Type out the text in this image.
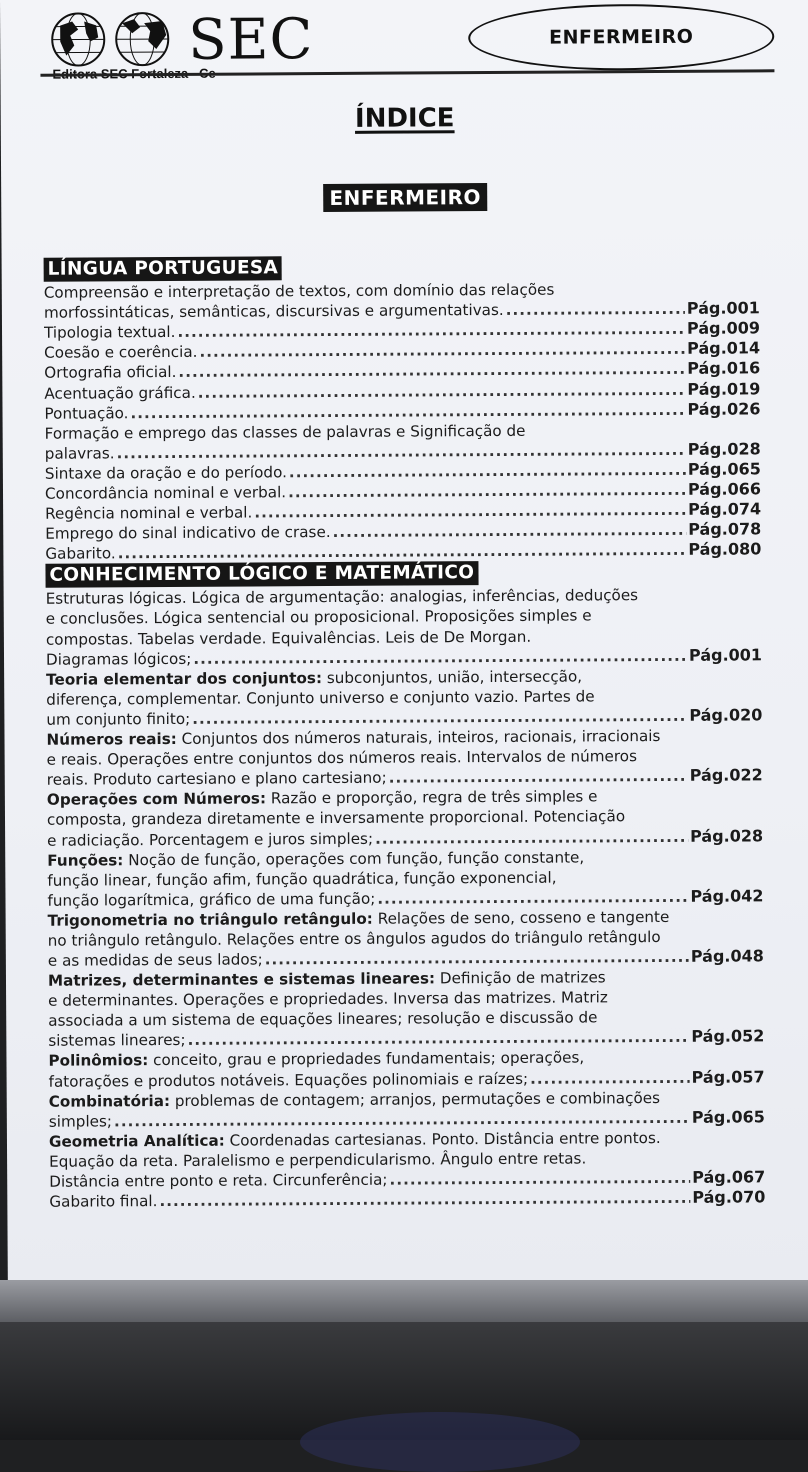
SEC	ENFERMEIRO
ÍNDICE
ENFERMEIRO
LÍNGUA PORTUGUESA
Compreensão e interpretação de textos, com domínio das relações
morfossintáticas, semânticas, discursivas e argumentativas. .....	Pág.001
Tipologia textual. .....	Pág.009
Coesão e coerência. .....	Pág.014
Ortografia oficial. .....	Pág.016
Acentuação gráfica. .....	Pág.019
Pontuação. .....	Pág.026
Formação e emprego das classes de palavras e Significação de
palavras. .....	Pág.028
Sintaxe da oração e do período. .....	Pág.065
Concordância nominal e verbal. .....	Pág.066
Regência nominal e verbal. .....	Pág.074
Emprego do sinal indicativo de crase. .....	Pág.078
Gabarito. .....	Pág.080
CONHECIMENTO LÓGICO E MATEMÁTICO
Estruturas lógicas. Lógica de argumentação: analogias, inferências, deduções
e conclusões. Lógica sentencial ou proposicional. Proposições simples e
compostas. Tabelas verdade. Equivalências. Leis de De Morgan.
Diagramas lógicos; .....	Pág.001
Teoria elementar dos conjuntos: subconjuntos, união, intersecção,
diferença, complementar. Conjunto universo e conjunto vazio. Partes de
um conjunto finito; .....	Pág.020
Números reais: Conjuntos dos números naturais, inteiros, racionais, irracionais
e reais. Operações entre conjuntos dos números reais. Intervalos de números
reais. Produto cartesiano e plano cartesiano; .....	Pág.022
Operações com Números: Razão e proporção, regra de três simples e
composta, grandeza diretamente e inversamente proporcional. Potenciação
e radiciação. Porcentagem e juros simples; .....	Pág.028
Funções: Noção de função, operações com função, função constante,
função linear, função afim, função quadrática, função exponencial,
função logarítmica, gráfico de uma função; .....	Pág.042
Trigonometria no triângulo retângulo: Relações de seno, cosseno e tangente
no triângulo retângulo. Relações entre os ângulos agudos do triângulo retângulo
e as medidas de seus lados; .....	Pág.048
Matrizes, determinantes e sistemas lineares: Definição de matrizes
e determinantes. Operações e propriedades. Inversa das matrizes. Matriz
associada a um sistema de equações lineares; resolução e discussão de
sistemas lineares; .....	Pág.052
Polinômios: conceito, grau e propriedades fundamentais; operações,
fatorações e produtos notáveis. Equações polinomiais e raízes; .....	Pág.057
Combinatória: problemas de contagem; arranjos, permutações e combinações
simples; .....	Pág.065
Geometria Analítica: Coordenadas cartesianas. Ponto. Distância entre pontos.
Equação da reta. Paralelismo e perpendicularismo. Ângulo entre retas.
Distância entre ponto e reta. Circunferência; .....	Pág.067
Gabarito final. .....	Pág.070
